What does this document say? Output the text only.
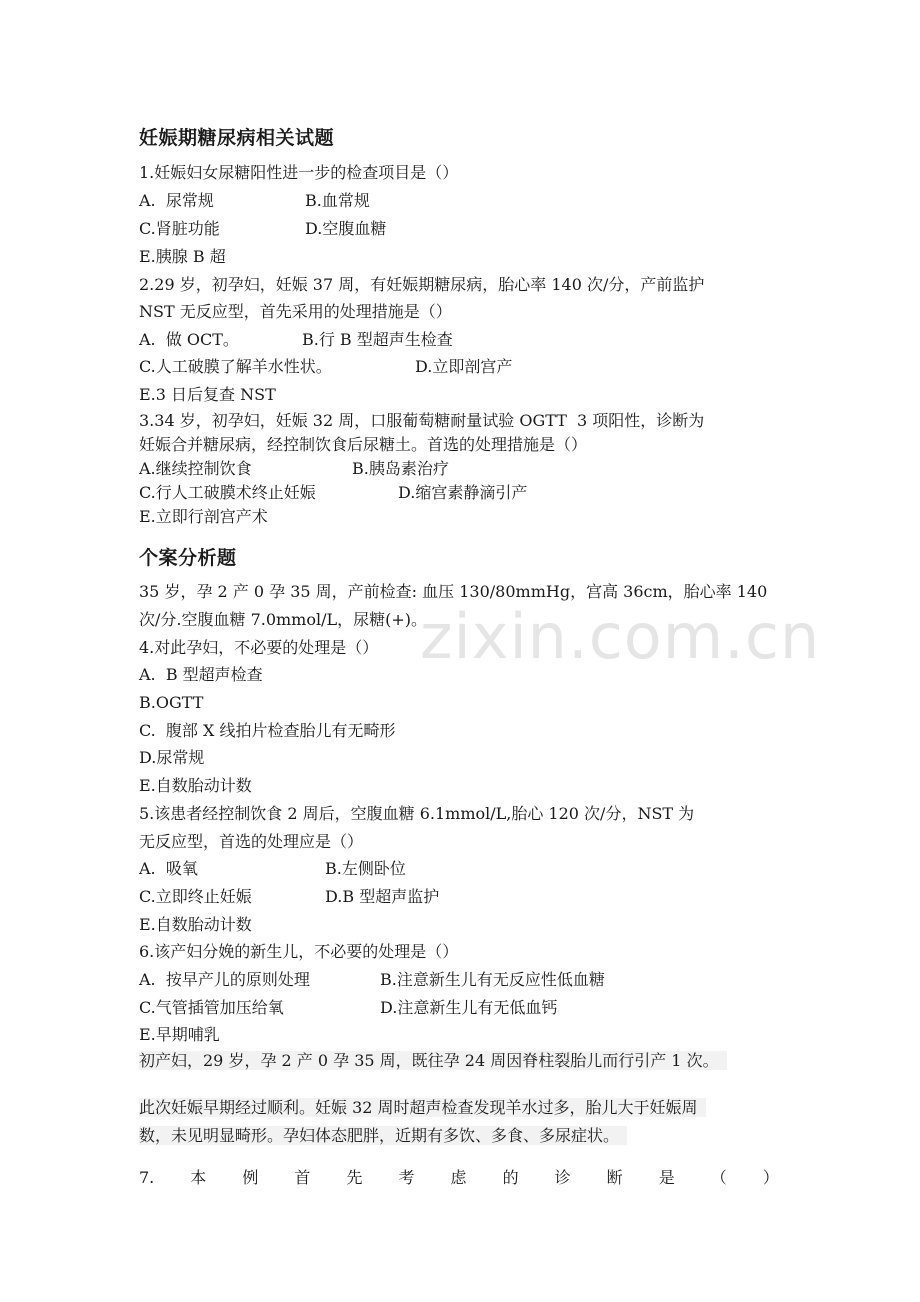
妊娠期糖尿病相关试题
1.妊娠妇女尿糖阳性进一步的检查项目是（）
A.  尿常规	B.血常规
C.肾脏功能	D.空腹血糖
E.胰腺 B 超
2.29 岁，初孕妇，妊娠 37 周，有妊娠期糖尿病，胎心率 140 次/分，产前监护
NST 无反应型，首先采用的处理措施是（）
A.  做 OCT。	B.行 B 型超声生检查
C.人工破膜了解羊水性状。	D.立即剖宫产
E.3 日后复查 NST
3.34 岁，初孕妇，妊娠 32 周，口服葡萄糖耐量试验 OGTT  3 项阳性，诊断为
妊娠合并糖尿病，经控制饮食后尿糖土。首选的处理措施是（）
A.继续控制饮食	B.胰岛素治疗
C.行人工破膜术终止妊娠	D.缩宫素静滴引产
E.立即行剖宫产术
个案分析题
35 岁，孕 2 产 0 孕 35 周，产前检查: 血压 130/80mmHg，宫高 36cm，胎心率 140
次/分.空腹血糖 7.0mmol/L，尿糖(+)。
4.对此孕妇，不必要的处理是（）
A.  B 型超声检查
B.OGTT
C.  腹部 X 线拍片检查胎儿有无畸形
D.尿常规
E.自数胎动计数
5.该患者经控制饮食 2 周后，空腹血糖 6.1mmol/L,胎心 120 次/分，NST 为
无反应型，首选的处理应是（）
A.  吸氧	B.左侧卧位
C.立即终止妊娠	D.B 型超声监护
E.自数胎动计数
6.该产妇分娩的新生儿，不必要的处理是（）
A.  按早产儿的原则处理	B.注意新生儿有无反应性低血糖
C.气管插管加压给氧	D.注意新生儿有无低血钙
E.早期哺乳
初产妇，29 岁，孕 2 产 0 孕 35 周，既往孕 24 周因脊柱裂胎儿而行引产 1 次。
此次妊娠早期经过顺利。妊娠 32 周时超声检查发现羊水过多，胎儿大于妊娠周
数，未见明显畸形。孕妇体态肥胖，近期有多饮、多食、多尿症状。
7. 本 例 首 先 考 虑 的 诊 断 是 （ ）
zixin.com.cn
